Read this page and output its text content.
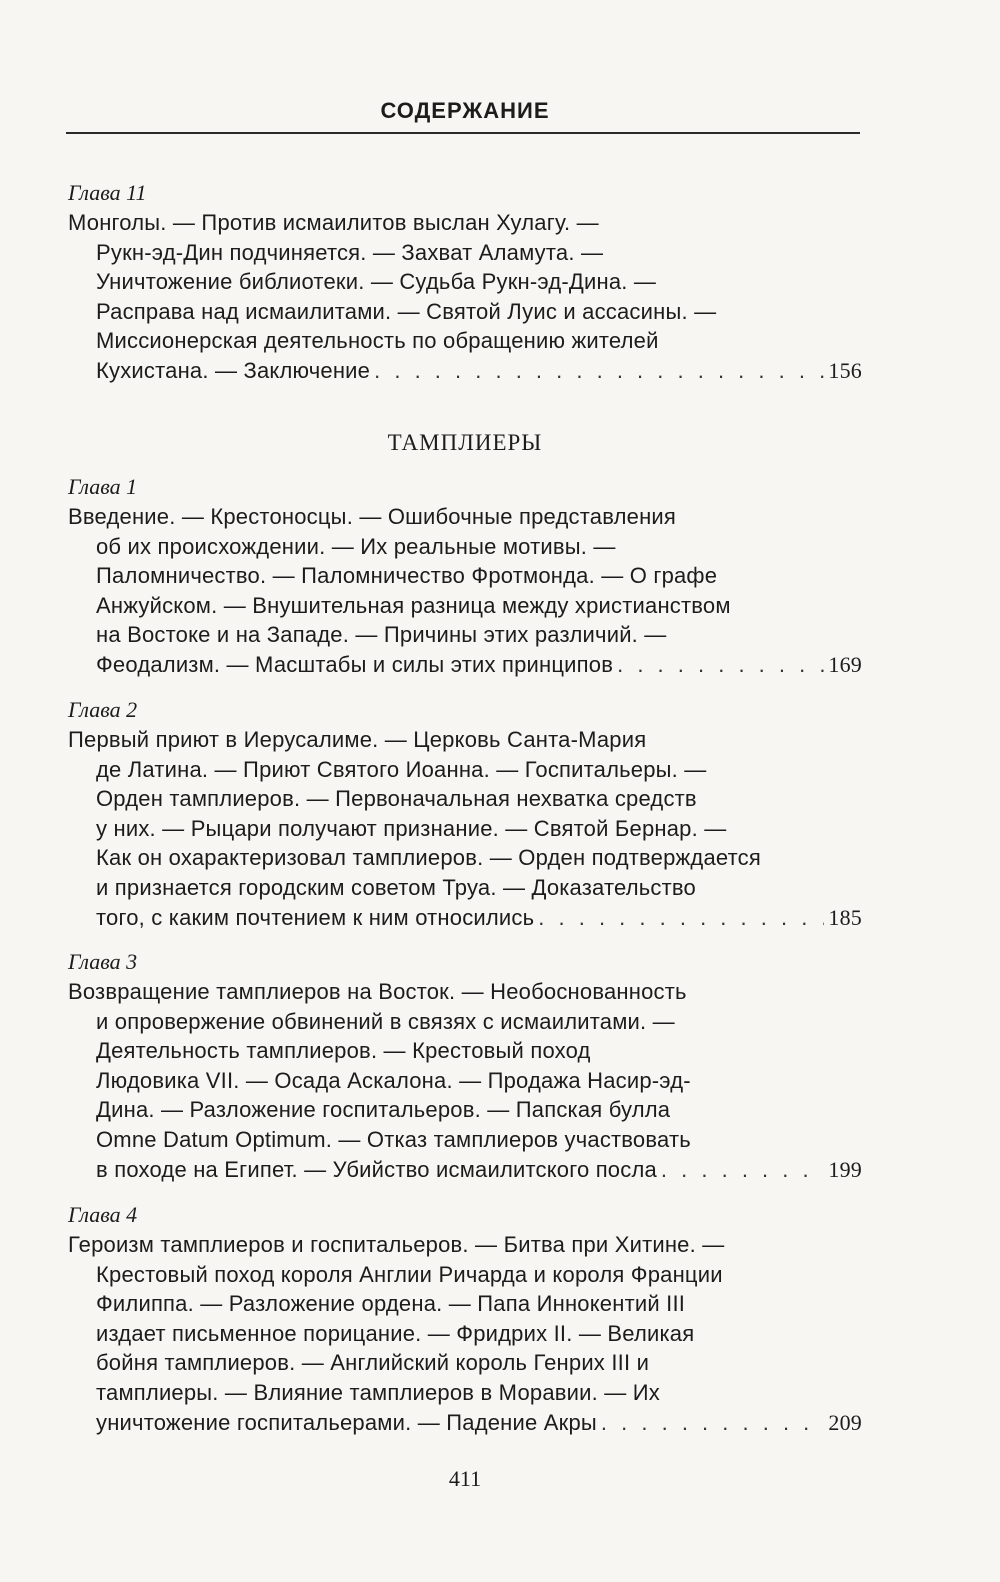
СОДЕРЖАНИЕ
Глава 11
Монголы. — Против исмаилитов выслан Хулагу. —
Рукн-эд-Дин подчиняется. — Захват Аламута. —
Уничтожение библиотеки. — Судьба Рукн-эд-Дина. —
Расправа над исмаилитами. — Святой Луис и ассасины. —
Миссионерская деятельность по обращению жителей
Кухистана. — Заключение . . .	156
ТАМПЛИЕРЫ
Глава 1
Введение. — Крестоносцы. — Ошибочные представления
об их происхождении. — Их реальные мотивы. —
Паломничество. — Паломничество Фротмонда. — О графе
Анжуйском. — Внушительная разница между христианством
на Востоке и на Западе. — Причины этих различий. —
Феодализм. — Масштабы и силы этих принципов . . .	169
Глава 2
Первый приют в Иерусалиме. — Церковь Санта-Мария
де Латина. — Приют Святого Иоанна. — Госпитальеры. —
Орден тамплиеров. — Первоначальная нехватка средств
у них. — Рыцари получают признание. — Святой Бернар. —
Как он охарактеризовал тамплиеров. — Орден подтверждается
и признается городским советом Труа. — Доказательство
того, с каким почтением к ним относились . . .	185
Глава 3
Возвращение тамплиеров на Восток. — Необоснованность
и опровержение обвинений в связях с исмаилитами. —
Деятельность тамплиеров. — Крестовый поход
Людовика VII. — Осада Аскалона. — Продажа Насир-эд-
Дина. — Разложение госпитальеров. — Папская булла
Omne Datum Optimum. — Отказ тамплиеров участвовать
в походе на Египет. — Убийство исмаилитского посла . . .	199
Глава 4
Героизм тамплиеров и госпитальеров. — Битва при Хитине. —
Крестовый поход короля Англии Ричарда и короля Франции
Филиппа. — Разложение ордена. — Папа Иннокентий III
издает письменное порицание. — Фридрих II. — Великая
бойня тамплиеров. — Английский король Генрих III и
тамплиеры. — Влияние тамплиеров в Моравии. — Их
уничтожение госпитальерами. — Падение Акры . . .	209
411
